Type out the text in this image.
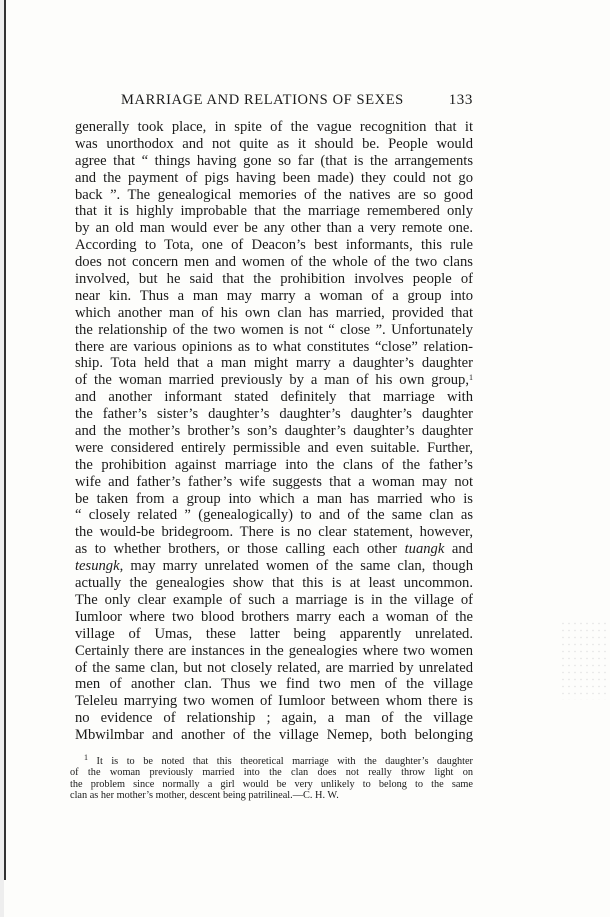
MARRIAGE AND RELATIONS OF SEXES	133
generally took place, in spite of the vague recognition that it
was unorthodox and not quite as it should be. People would
agree that “ things having gone so far (that is the arrangements
and the payment of pigs having been made) they could not go
back ”. The genealogical memories of the natives are so good
that it is highly improbable that the marriage remembered only
by an old man would ever be any other than a very remote one.
According to Tota, one of Deacon’s best informants, this rule
does not concern men and women of the whole of the two clans
involved, but he said that the prohibition involves people of
near kin. Thus a man may marry a woman of a group into
which another man of his own clan has married, provided that
the relationship of the two women is not “ close ”. Unfortunately
there are various opinions as to what constitutes “close” relation-
ship. Tota held that a man might marry a daughter’s daughter
of the woman married previously by a man of his own group,$^1$
and another informant stated definitely that marriage with
the father’s sister’s daughter’s daughter’s daughter’s daughter
and the mother’s brother’s son’s daughter’s daughter’s daughter
were considered entirely permissible and even suitable. Further,
the prohibition against marriage into the clans of the father’s
wife and father’s father’s wife suggests that a woman may not
be taken from a group into which a man has married who is
“ closely related ” (genealogically) to and of the same clan as
the would-be bridegroom. There is no clear statement, however,
as to whether brothers, or those calling each other tuangk and
tesungk, may marry unrelated women of the same clan, though
actually the genealogies show that this is at least uncommon.
The only clear example of such a marriage is in the village of
Iumloor where two blood brothers marry each a woman of the
village of Umas, these latter being apparently unrelated.
Certainly there are instances in the genealogies where two women
of the same clan, but not closely related, are married by unrelated
men of another clan. Thus we find two men of the village
Teleleu marrying two women of Iumloor between whom there is
no evidence of relationship ; again, a man of the village
Mbwilmbar and another of the village Nemep, both belonging
$^1$ It is to be noted that this theoretical marriage with the daughter’s daughter
of the woman previously married into the clan does not really throw light on
the problem since normally a girl would be very unlikely to belong to the same
clan as her mother’s mother, descent being patrilineal.—C. H. W.
